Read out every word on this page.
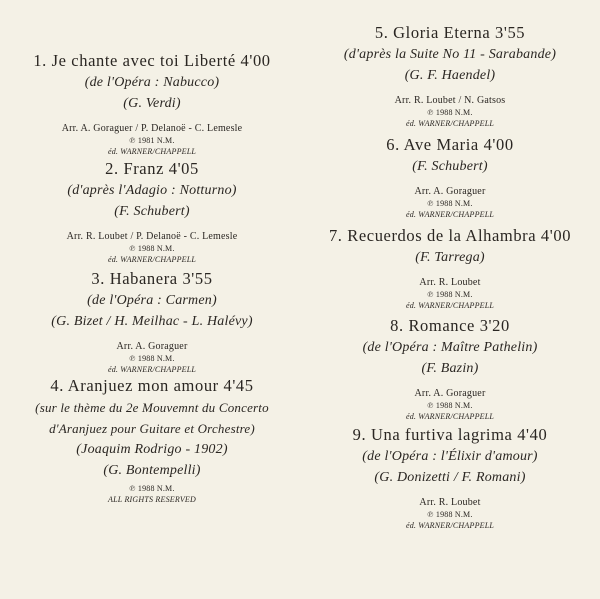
1. Je chante avec toi Liberté 4'00
(de l'Opéra : Nabucco)
(G. Verdi)
Arr. A. Goraguer / P. Delanoë - C. Lemesle
℗ 1981 N.M.
éd. WARNER/CHAPPELL
2. Franz 4'05
(d'après l'Adagio : Notturno)
(F. Schubert)
Arr. R. Loubet / P. Delanoë - C. Lemesle
℗ 1988 N.M.
éd. WARNER/CHAPPELL
3. Habanera 3'55
(de l'Opéra : Carmen)
(G. Bizet / H. Meilhac - L. Halévy)
Arr. A. Goraguer
℗ 1988 N.M.
éd. WARNER/CHAPPELL
4. Aranjuez mon amour 4'45
(sur le thème du 2e Mouvemnt du Concerto
d'Aranjuez pour Guitare et Orchestre)
(Joaquim Rodrigo - 1902)
(G. Bontempelli)
℗ 1988 N.M.
ALL RIGHTS RESERVED
5. Gloria Eterna 3'55
(d'après la Suite No 11 - Sarabande)
(G. F. Haendel)
Arr. R. Loubet / N. Gatsos
℗ 1988 N.M.
éd. WARNER/CHAPPELL
6. Ave Maria 4'00
(F. Schubert)
Arr. A. Goraguer
℗ 1988 N.M.
éd. WARNER/CHAPPELL
7. Recuerdos de la Alhambra 4'00
(F. Tarrega)
Arr. R. Loubet
℗ 1988 N.M.
éd. WARNER/CHAPPELL
8. Romance 3'20
(de l'Opéra : Maître Pathelin)
(F. Bazin)
Arr. A. Goraguer
℗ 1988 N.M.
éd. WARNER/CHAPPELL
9. Una furtiva lagrima 4'40
(de l'Opéra : l'Élixir d'amour)
(G. Donizetti / F. Romani)
Arr. R. Loubet
℗ 1988 N.M.
éd. WARNER/CHAPPELL
